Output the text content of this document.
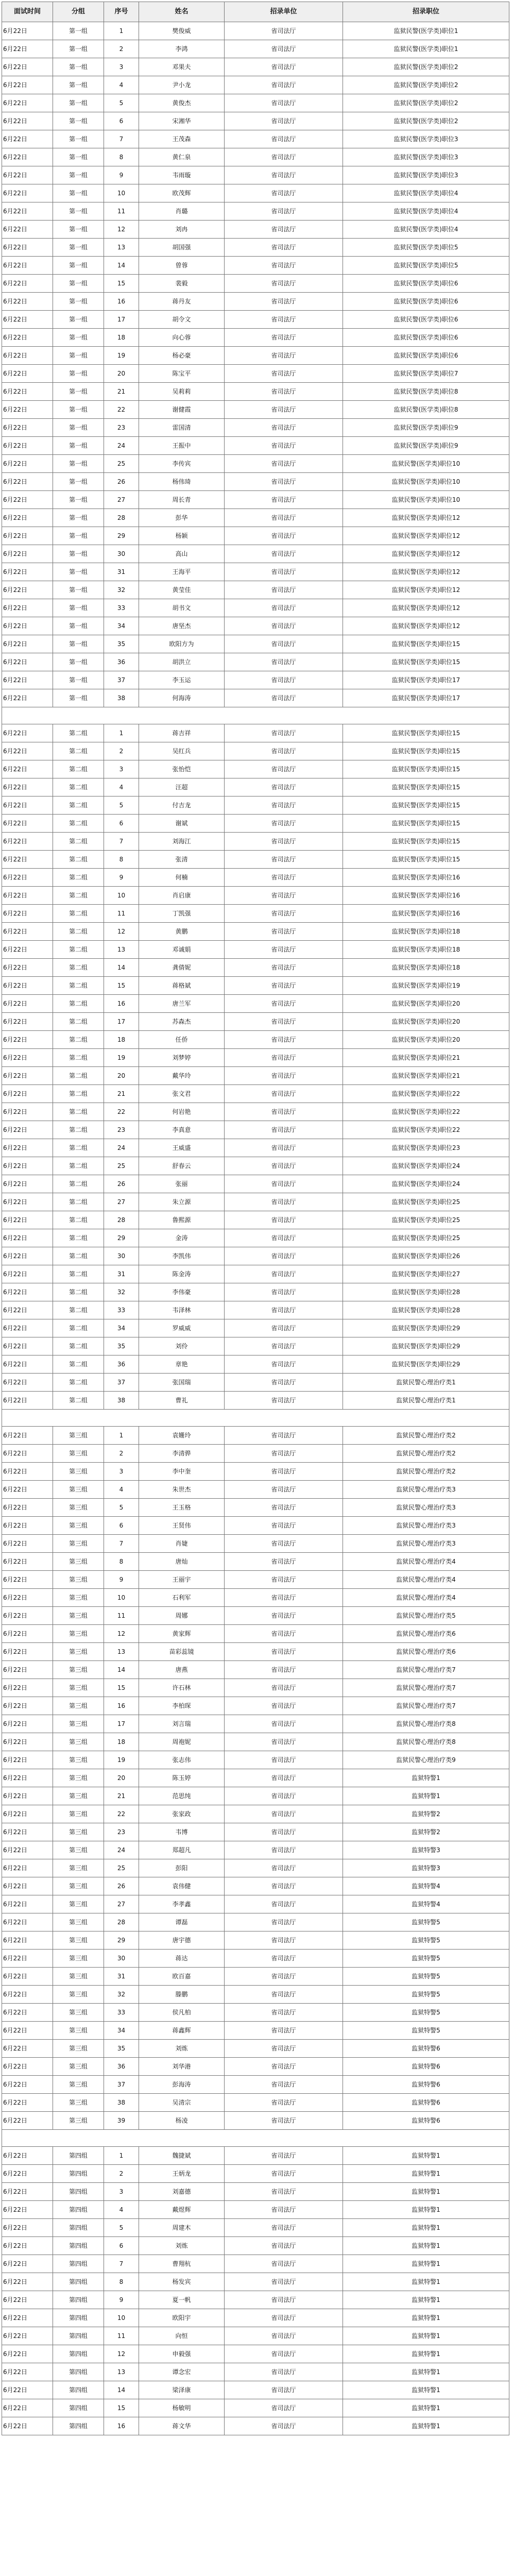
面试时间	分组	序号	姓名	招录单位	招录职位
6月22日	第一组	1	樊俊威	省司法厅	监狱民警(医学类)职位1
6月22日	第一组	2	李鸿	省司法厅	监狱民警(医学类)职位1
6月22日	第一组	3	邓果夫	省司法厅	监狱民警(医学类)职位2
6月22日	第一组	4	尹小龙	省司法厅	监狱民警(医学类)职位2
6月22日	第一组	5	黄俊杰	省司法厅	监狱民警(医学类)职位2
6月22日	第一组	6	宋湘华	省司法厅	监狱民警(医学类)职位2
6月22日	第一组	7	王茂森	省司法厅	监狱民警(医学类)职位3
6月22日	第一组	8	黄仁泉	省司法厅	监狱民警(医学类)职位3
6月22日	第一组	9	韦雨璇	省司法厅	监狱民警(医学类)职位3
6月22日	第一组	10	欧茂辉	省司法厅	监狱民警(医学类)职位4
6月22日	第一组	11	肖璐	省司法厅	监狱民警(医学类)职位4
6月22日	第一组	12	刘冉	省司法厅	监狱民警(医学类)职位4
6月22日	第一组	13	胡国强	省司法厅	监狱民警(医学类)职位5
6月22日	第一组	14	曾蓉	省司法厅	监狱民警(医学类)职位5
6月22日	第一组	15	裴毅	省司法厅	监狱民警(医学类)职位6
6月22日	第一组	16	蒋丹友	省司法厅	监狱民警(医学类)职位6
6月22日	第一组	17	胡令文	省司法厅	监狱民警(医学类)职位6
6月22日	第一组	18	向心蓉	省司法厅	监狱民警(医学类)职位6
6月22日	第一组	19	杨必豪	省司法厅	监狱民警(医学类)职位6
6月22日	第一组	20	陈宝平	省司法厅	监狱民警(医学类)职位7
6月22日	第一组	21	吴莉莉	省司法厅	监狱民警(医学类)职位8
6月22日	第一组	22	谢健霞	省司法厅	监狱民警(医学类)职位8
6月22日	第一组	23	雷国清	省司法厅	监狱民警(医学类)职位9
6月22日	第一组	24	王振中	省司法厅	监狱民警(医学类)职位9
6月22日	第一组	25	李传宾	省司法厅	监狱民警(医学类)职位10
6月22日	第一组	26	杨伟琦	省司法厅	监狱民警(医学类)职位10
6月22日	第一组	27	周长青	省司法厅	监狱民警(医学类)职位10
6月22日	第一组	28	彭华	省司法厅	监狱民警(医学类)职位12
6月22日	第一组	29	杨颖	省司法厅	监狱民警(医学类)职位12
6月22日	第一组	30	高山	省司法厅	监狱民警(医学类)职位12
6月22日	第一组	31	王海平	省司法厅	监狱民警(医学类)职位12
6月22日	第一组	32	黄莹佳	省司法厅	监狱民警(医学类)职位12
6月22日	第一组	33	胡书文	省司法厅	监狱民警(医学类)职位12
6月22日	第一组	34	唐坚杰	省司法厅	监狱民警(医学类)职位12
6月22日	第一组	35	欧阳方为	省司法厅	监狱民警(医学类)职位15
6月22日	第一组	36	胡洪立	省司法厅	监狱民警(医学类)职位15
6月22日	第一组	37	李玉运	省司法厅	监狱民警(医学类)职位17
6月22日	第一组	38	何海涛	省司法厅	监狱民警(医学类)职位17

6月22日	第二组	1	蒋吉祥	省司法厅	监狱民警(医学类)职位15
6月22日	第二组	2	吴红兵	省司法厅	监狱民警(医学类)职位15
6月22日	第二组	3	张怡恺	省司法厅	监狱民警(医学类)职位15
6月22日	第二组	4	汪超	省司法厅	监狱民警(医学类)职位15
6月22日	第二组	5	付吉龙	省司法厅	监狱民警(医学类)职位15
6月22日	第二组	6	谢斌	省司法厅	监狱民警(医学类)职位15
6月22日	第二组	7	刘海江	省司法厅	监狱民警(医学类)职位15
6月22日	第二组	8	张清	省司法厅	监狱民警(医学类)职位15
6月22日	第二组	9	何楠	省司法厅	监狱民警(医学类)职位16
6月22日	第二组	10	肖启康	省司法厅	监狱民警(医学类)职位16
6月22日	第二组	11	丁凯强	省司法厅	监狱民警(医学类)职位16
6月22日	第二组	12	黄鹏	省司法厅	监狱民警(医学类)职位18
6月22日	第二组	13	邓诚娟	省司法厅	监狱民警(医学类)职位18
6月22日	第二组	14	龚倩妮	省司法厅	监狱民警(医学类)职位18
6月22日	第二组	15	蒋格斌	省司法厅	监狱民警(医学类)职位19
6月22日	第二组	16	唐兰军	省司法厅	监狱民警(医学类)职位20
6月22日	第二组	17	苏森杰	省司法厅	监狱民警(医学类)职位20
6月22日	第二组	18	任侨	省司法厅	监狱民警(医学类)职位20
6月22日	第二组	19	刘梦婷	省司法厅	监狱民警(医学类)职位21
6月22日	第二组	20	戴华玲	省司法厅	监狱民警(医学类)职位21
6月22日	第二组	21	张文君	省司法厅	监狱民警(医学类)职位22
6月22日	第二组	22	何岩艳	省司法厅	监狱民警(医学类)职位22
6月22日	第二组	23	李真意	省司法厅	监狱民警(医学类)职位22
6月22日	第二组	24	王威盛	省司法厅	监狱民警(医学类)职位23
6月22日	第二组	25	舒春云	省司法厅	监狱民警(医学类)职位24
6月22日	第二组	26	张丽	省司法厅	监狱民警(医学类)职位24
6月22日	第二组	27	朱立源	省司法厅	监狱民警(医学类)职位25
6月22日	第二组	28	鲁熙源	省司法厅	监狱民警(医学类)职位25
6月22日	第二组	29	金涛	省司法厅	监狱民警(医学类)职位25
6月22日	第二组	30	李凯伟	省司法厅	监狱民警(医学类)职位26
6月22日	第二组	31	陈金涛	省司法厅	监狱民警(医学类)职位27
6月22日	第二组	32	李伟豪	省司法厅	监狱民警(医学类)职位28
6月22日	第二组	33	韦泽林	省司法厅	监狱民警(医学类)职位28
6月22日	第二组	34	罗威威	省司法厅	监狱民警(医学类)职位29
6月22日	第二组	35	刘伶	省司法厅	监狱民警(医学类)职位29
6月22日	第二组	36	章艳	省司法厅	监狱民警(医学类)职位29
6月22日	第二组	37	张国瑞	省司法厅	监狱民警心理治疗类1
6月22日	第二组	38	曹礼	省司法厅	监狱民警心理治疗类1

6月22日	第三组	1	袁姗玲	省司法厅	监狱民警心理治疗类2
6月22日	第三组	2	李清骅	省司法厅	监狱民警心理治疗类2
6月22日	第三组	3	李中奎	省司法厅	监狱民警心理治疗类2
6月22日	第三组	4	朱世杰	省司法厅	监狱民警心理治疗类3
6月22日	第三组	5	王玉格	省司法厅	监狱民警心理治疗类3
6月22日	第三组	6	王贤伟	省司法厅	监狱民警心理治疗类3
6月22日	第三组	7	肖婕	省司法厅	监狱民警心理治疗类3
6月22日	第三组	8	唐灿	省司法厅	监狱民警心理治疗类4
6月22日	第三组	9	王丽宇	省司法厅	监狱民警心理治疗类4
6月22日	第三组	10	石利军	省司法厅	监狱民警心理治疗类4
6月22日	第三组	11	周娜	省司法厅	监狱民警心理治疗类5
6月22日	第三组	12	黄家辉	省司法厅	监狱民警心理治疗类6
6月22日	第三组	13	苗彩蕊镜	省司法厅	监狱民警心理治疗类6
6月22日	第三组	14	唐燕	省司法厅	监狱民警心理治疗类7
6月22日	第三组	15	许石林	省司法厅	监狱民警心理治疗类7
6月22日	第三组	16	李柏琛	省司法厅	监狱民警心理治疗类7
6月22日	第三组	17	刘言瑞	省司法厅	监狱民警心理治疗类8
6月22日	第三组	18	周袍妮	省司法厅	监狱民警心理治疗类8
6月22日	第三组	19	张志伟	省司法厅	监狱民警心理治疗类9
6月22日	第三组	20	陈玉婷	省司法厅	监狱特警1
6月22日	第三组	21	范思纯	省司法厅	监狱特警1
6月22日	第三组	22	张家政	省司法厅	监狱特警2
6月22日	第三组	23	韦博	省司法厅	监狱特警2
6月22日	第三组	24	郑超凡	省司法厅	监狱特警3
6月22日	第三组	25	彭阳	省司法厅	监狱特警3
6月22日	第三组	26	袁伟健	省司法厅	监狱特警4
6月22日	第三组	27	李孝鑫	省司法厅	监狱特警4
6月22日	第三组	28	谭磊	省司法厅	监狱特警5
6月22日	第三组	29	唐宇德	省司法厅	监狱特警5
6月22日	第三组	30	蒋达	省司法厅	监狱特警5
6月22日	第三组	31	欧百嘉	省司法厅	监狱特警5
6月22日	第三组	32	滕鹏	省司法厅	监狱特警5
6月22日	第三组	33	侯凡柏	省司法厅	监狱特警5
6月22日	第三组	34	蒋鑫辉	省司法厅	监狱特警5
6月22日	第三组	35	刘炼	省司法厅	监狱特警6
6月22日	第三组	36	刘华港	省司法厅	监狱特警6
6月22日	第三组	37	彭海涛	省司法厅	监狱特警6
6月22日	第三组	38	吴清宗	省司法厅	监狱特警6
6月22日	第三组	39	杨凌	省司法厅	监狱特警6

6月22日	第四组	1	魏捷斌	省司法厅	监狱特警1
6月22日	第四组	2	王炳龙	省司法厅	监狱特警1
6月22日	第四组	3	刘嘉德	省司法厅	监狱特警1
6月22日	第四组	4	戴煜辉	省司法厅	监狱特警1
6月22日	第四组	5	周建木	省司法厅	监狱特警1
6月22日	第四组	6	刘炼	省司法厅	监狱特警1
6月22日	第四组	7	曹翔杭	省司法厅	监狱特警1
6月22日	第四组	8	杨发宾	省司法厅	监狱特警1
6月22日	第四组	9	夏一帆	省司法厅	监狱特警1
6月22日	第四组	10	欧阳宇	省司法厅	监狱特警1
6月22日	第四组	11	向恒	省司法厅	监狱特警1
6月22日	第四组	12	申毅强	省司法厅	监狱特警1
6月22日	第四组	13	谭念宏	省司法厅	监狱特警1
6月22日	第四组	14	梁泽康	省司法厅	监狱特警1
6月22日	第四组	15	杨敏明	省司法厅	监狱特警1
6月22日	第四组	16	蒋文华	省司法厅	监狱特警1
